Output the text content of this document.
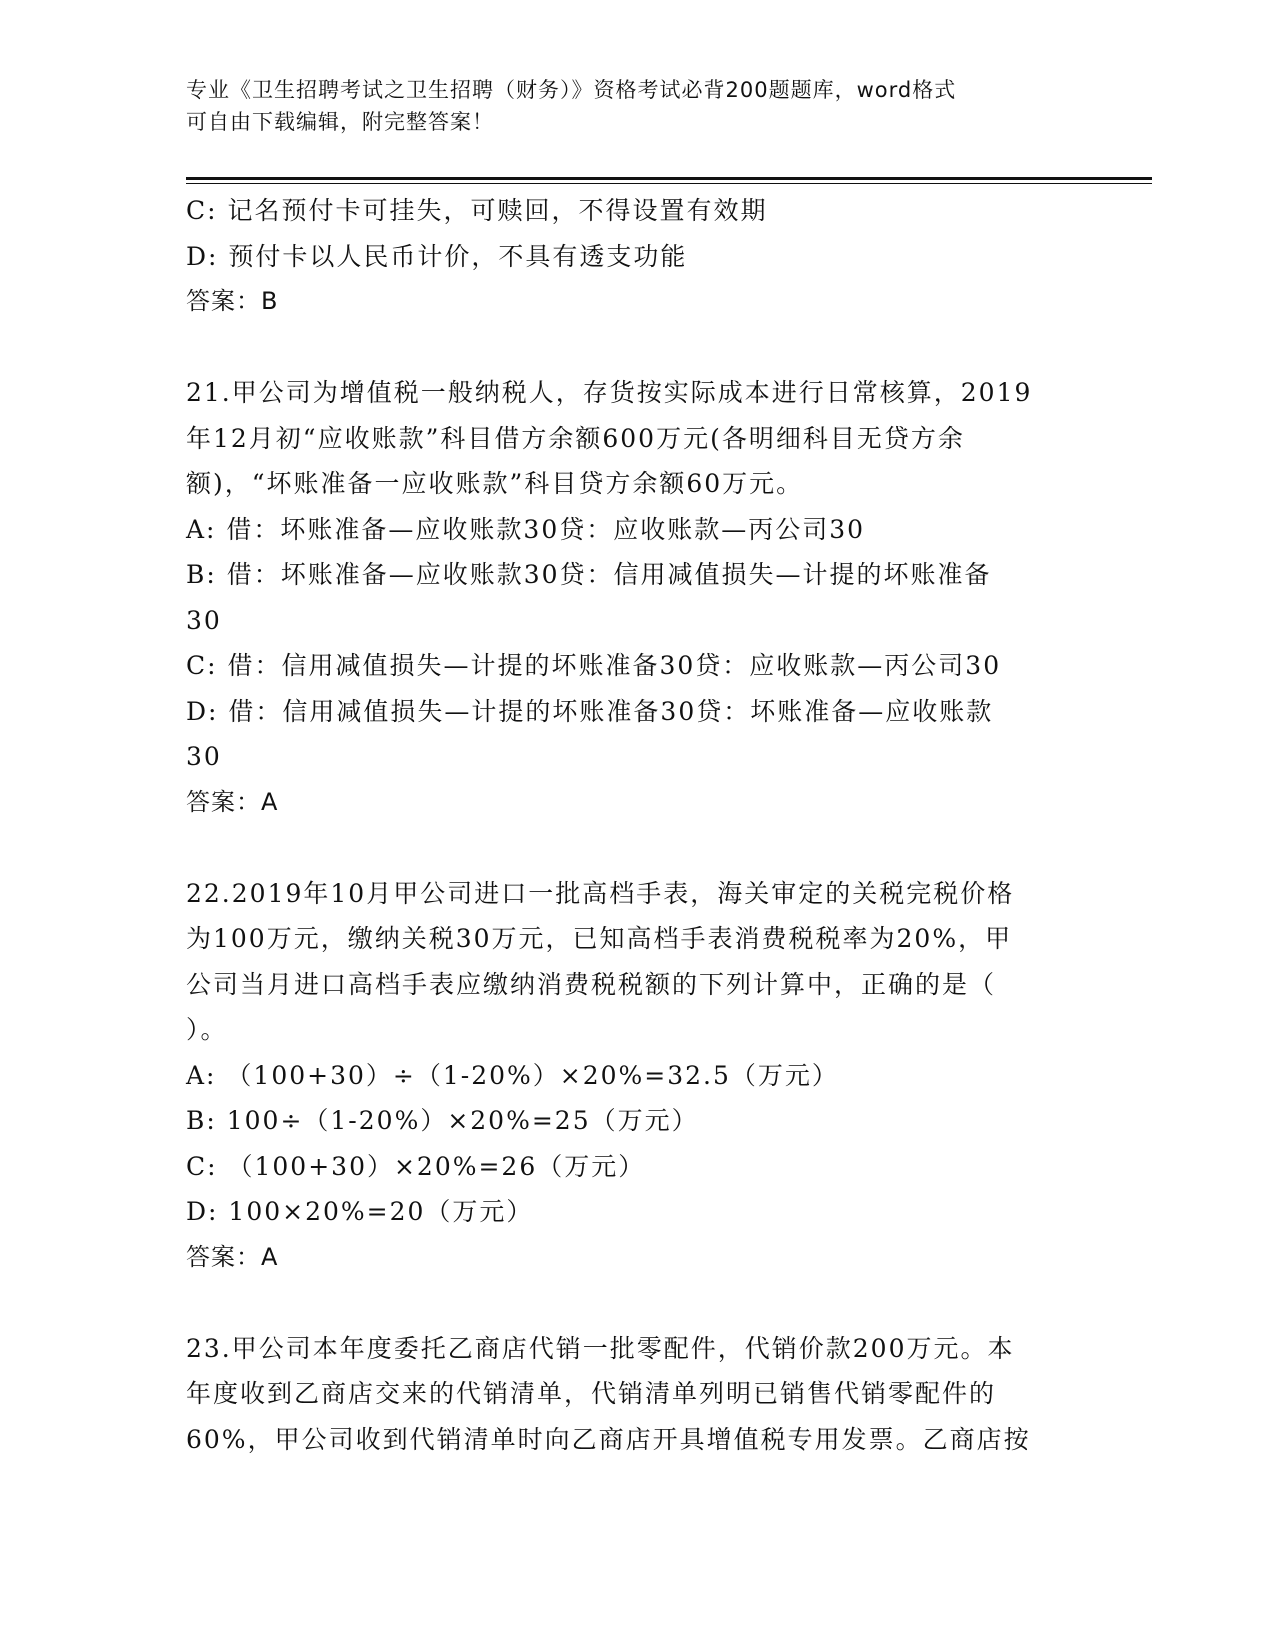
专业《卫生招聘考试之卫生招聘（财务）》资格考试必背200题题库，word格式
可自由下载编辑，附完整答案！
C: 记名预付卡可挂失，可赎回，不得设置有效期
D: 预付卡以人民币计价，不具有透支功能
答案：B
21.甲公司为增值税一般纳税人，存货按实际成本进行日常核算，2019
年12月初“应收账款”科目借方余额600万元(各明细科目无贷方余
额)，“坏账准备一应收账款”科目贷方余额60万元。
A: 借：坏账准备—应收账款30贷：应收账款—丙公司30
B: 借：坏账准备—应收账款30贷：信用减值损失—计提的坏账准备
30
C: 借：信用减值损失—计提的坏账准备30贷：应收账款—丙公司30
D: 借：信用减值损失—计提的坏账准备30贷：坏账准备—应收账款
30
答案：A
22.2019年10月甲公司进口一批高档手表，海关审定的关税完税价格
为100万元，缴纳关税30万元，已知高档手表消费税税率为20%，甲
公司当月进口高档手表应缴纳消费税税额的下列计算中，正确的是（
）。
A: （100+30）÷（1-20%）×20%=32.5（万元）
B: 100÷（1-20%）×20%=25（万元）
C: （100+30）×20%=26（万元）
D: 100×20%=20（万元）
答案：A
23.甲公司本年度委托乙商店代销一批零配件，代销价款200万元。本
年度收到乙商店交来的代销清单，代销清单列明已销售代销零配件的
60%，甲公司收到代销清单时向乙商店开具增值税专用发票。乙商店按
